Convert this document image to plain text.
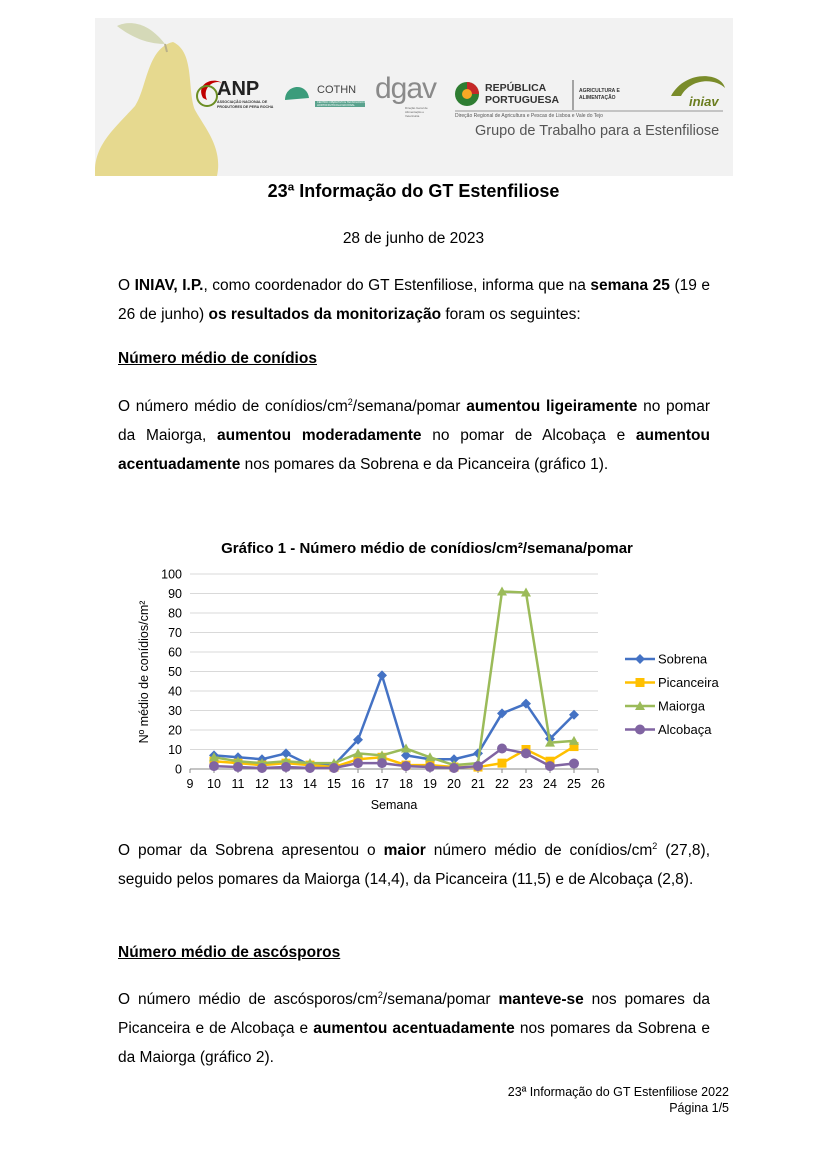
ANP
ASSOCIAÇÃO NACIONAL DE PRODUTORES DE PERA ROCHA
COTHN
CENTRO OPERATIVO E TECNOLÓGICO HORTOFRUTÍCOLA NACIONAL
dgav
Direção Geral de Alimentação e Veterinária
REPÚBLICA PORTUGUESA
AGRICULTURA E ALIMENTAÇÃO
Direção Regional de Agricultura e Pescas de Lisboa e Vale do Tejo
iniav
Grupo de Trabalho para a Estenfiliose
23ª Informação do GT Estenfiliose
28 de junho de 2023
O INIAV, I.P., como coordenador do GT Estenfiliose, informa que na semana 25 (19 e 26 de junho) os resultados da monitorização foram os seguintes:
Número médio de conídios
O número médio de conídios/$cm^2/semana$/pomar aumentou ligeiramente no pomar da Maiorga, aumentou moderadamente no pomar de Alcobaça e aumentou acentuadamente nos pomares da Sobrena e da Picanceira (gráfico 1).
Gráfico 1 - Número médio de conídios/cm²/semana/pomar
Nº médio de conídios/cm²
Semana
0
10
20
30
40
50
60
70
80
90
100
9 10 11 12 13 14 15 16 17 18 19 20 21 22 23 24 25 26
Sobrena
Picanceira
Maiorga
Alcobaça
O pomar da Sobrena apresentou o maior número médio de conídios/$cm^2$ (27,8), seguido pelos pomares da Maiorga (14,4), da Picanceira (11,5) e de Alcobaça (2,8).
Número médio de ascósporos
O número médio de ascósporos/$cm^2/semana$/pomar manteve-se nos pomares da Picanceira e de Alcobaça e aumentou acentuadamente nos pomares da Sobrena e da Maiorga (gráfico 2).
23ª Informação do GT Estenfiliose 2022
Página 1/5
